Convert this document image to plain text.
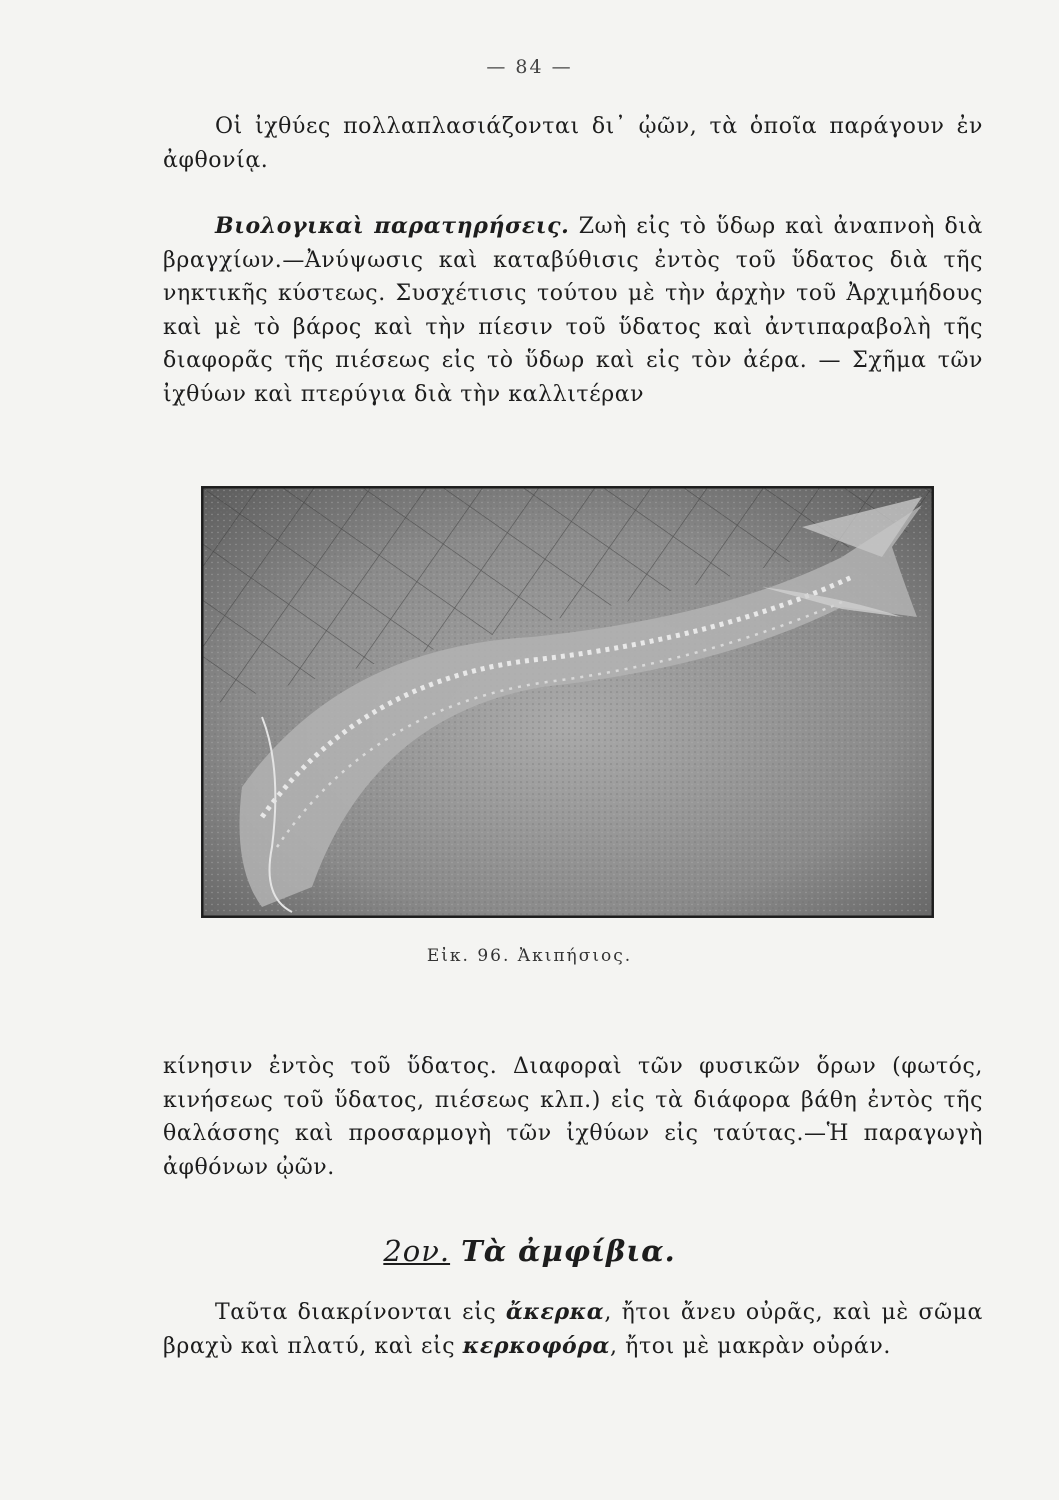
— 84 —
Οἱ ἰχθύες πολλαπλασιάζονται δι᾽ ᾠῶν, τὰ ὁποῖα παράγουν ἐν ἀφθονίᾳ.
Βιολογικαὶ παρατηρήσεις. Ζωὴ εἰς τὸ ὕδωρ καὶ ἀναπνοὴ διὰ βραγχίων.—Ἀνύψωσις καὶ καταβύθισις ἐντὸς τοῦ ὕδατος διὰ τῆς νηκτικῆς κύστεως. Συσχέτισις τούτου μὲ τὴν ἀρχὴν τοῦ Ἀρχιμήδους καὶ μὲ τὸ βάρος καὶ τὴν πίεσιν τοῦ ὕδατος καὶ ἀντιπαραβολὴ τῆς διαφορᾶς τῆς πιέσεως εἰς τὸ ὕδωρ καὶ εἰς τὸν ἀέρα. — Σχῆμα τῶν ἰχθύων καὶ πτερύγια διὰ τὴν καλλιτέραν
Εἰκ. 96. Ἀκιπήσιος.
κίνησιν ἐντὸς τοῦ ὕδατος. Διαφοραὶ τῶν φυσικῶν ὅρων (φωτός, κινήσεως τοῦ ὕδατος, πιέσεως κλπ.) εἰς τὰ διάφορα βάθη ἐντὸς τῆς θαλάσσης καὶ προσαρμογὴ τῶν ἰχθύων εἰς ταύτας.—Ἡ παραγωγὴ ἀφθόνων ᾠῶν.
2ον. Τὰ ἀμφίβια.
Ταῦτα διακρίνονται εἰς ἄκερκα, ἤτοι ἄνευ οὐρᾶς, καὶ μὲ σῶμα βραχὺ καὶ πλατύ, καὶ εἰς κερκοφόρα, ἤτοι μὲ μακρὰν οὐράν.
